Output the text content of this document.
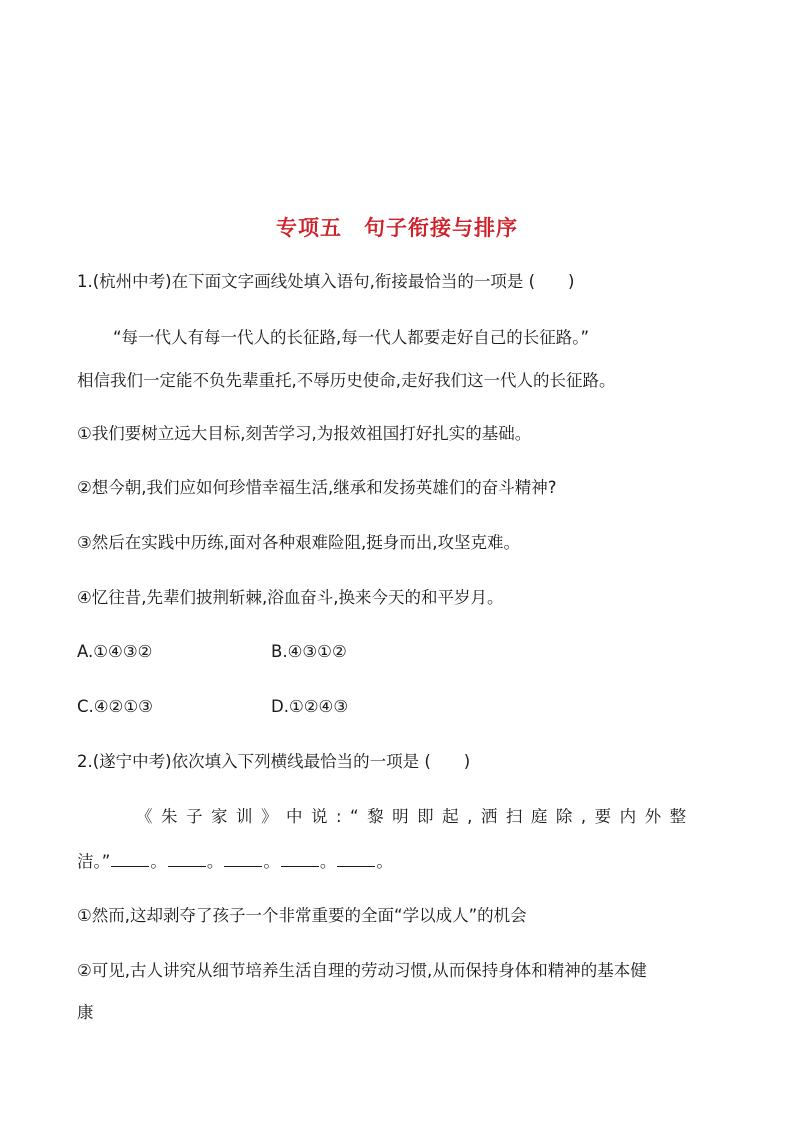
专项五 句子衔接与排序
1.(杭州中考)在下面文字画线处填入语句,衔接最恰当的一项是 (　　)
“每一代人有每一代人的长征路,每一代人都要走好自己的长征路。”
相信我们一定能不负先辈重托,不辱历史使命,走好我们这一代人的长征路。
①我们要树立远大目标,刻苦学习,为报效祖国打好扎实的基础。
②想今朝,我们应如何珍惜幸福生活,继承和发扬英雄们的奋斗精神?
③然后在实践中历练,面对各种艰难险阻,挺身而出,攻坚克难。
④忆往昔,先辈们披荆斩棘,浴血奋斗,换来今天的和平岁月。
A.①④③②	B.④③①②
C.④②①③	D.①②④③
2.(遂宁中考)依次填入下列横线最恰当的一项是 (　　)
《朱子家训》中说:“黎明即起,洒扫庭除,要内外整
洁。” 。 。 。 。 。
①然而,这却剥夺了孩子一个非常重要的全面“学以成人”的机会
②可见,古人讲究从细节培养生活自理的劳动习惯,从而保持身体和精神的基本健
康
